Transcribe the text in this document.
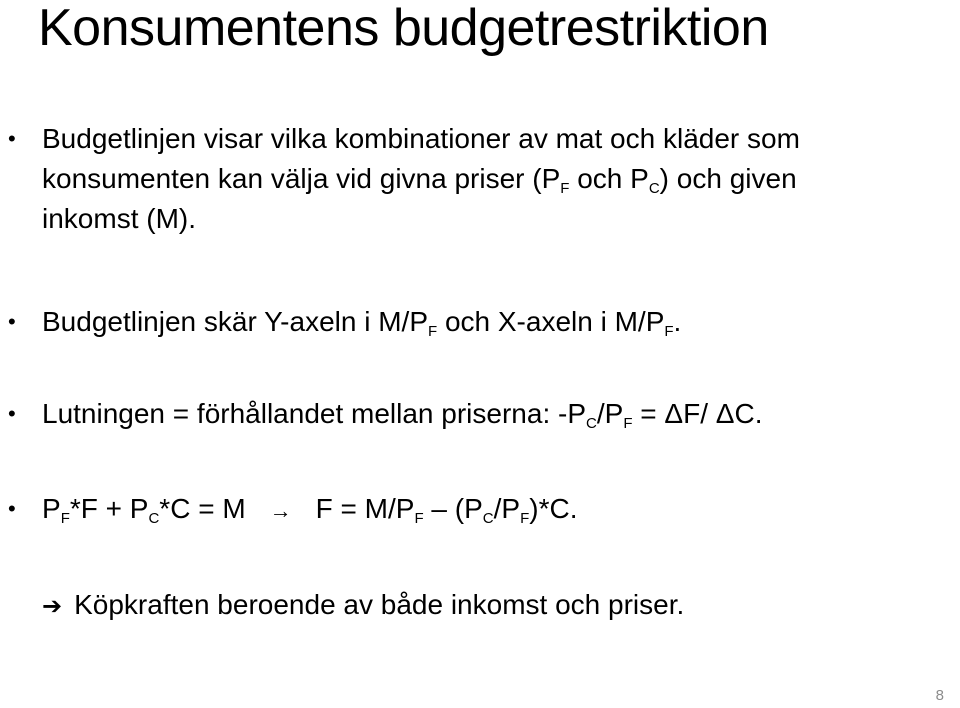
Konsumentens budgetrestriktion
• Budgetlinjen visar vilka kombinationer av mat och kläder som
konsumenten kan välja vid givna priser ($P_F$ och $P_C$) och given
inkomst (M).
• Budgetlinjen skär Y-axeln i $M/P_F$ och X-axeln i $M/P_F$.
• Lutningen = förhållandet mellan priserna: $-P_C/P_F = \Delta F/$ ΔC.
• $P_F*F + P_C*C = M \to F = M/P_F - (P_C/P_F)*C$.
➔ Köpkraften beroende av både inkomst och priser.
8
